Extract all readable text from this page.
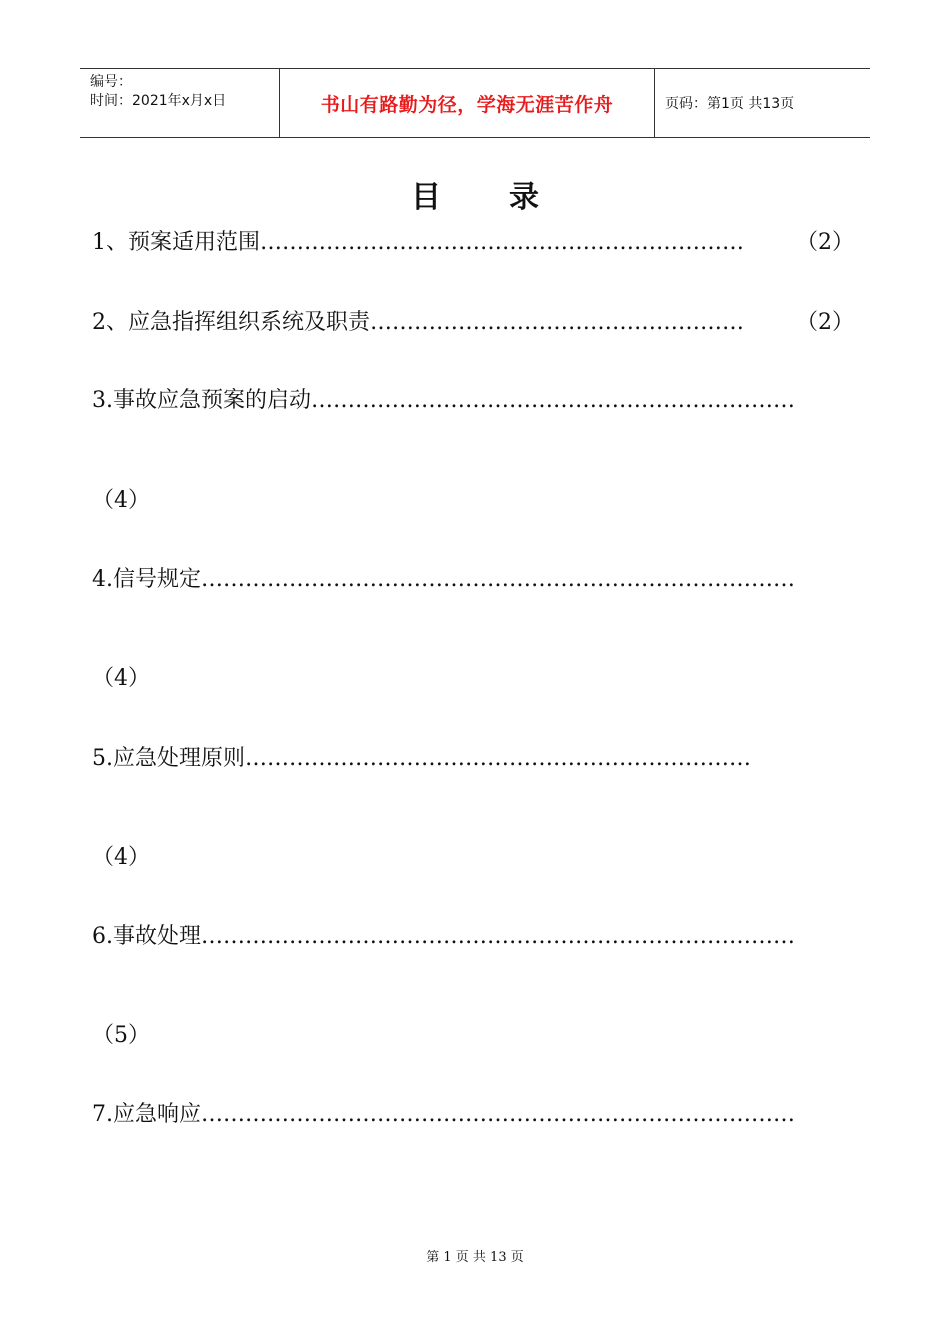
编号：
时间：2021年x月x日	书山有路勤为径，学海无涯苦作舟	页码：第1页 共13页
目录
1、预案适用范围………………………………………………………… （2）
2、应急指挥组织系统及职责…………………………………………… （2）
3.事故应急预案的启动…………………………………………………………
（4）
4.信号规定………………………………………………………………………
（4）
5.应急处理原则……………………………………………………………
（4）
6.事故处理………………………………………………………………………
（5）
7.应急响应………………………………………………………………………
第 1 页 共 13 页
